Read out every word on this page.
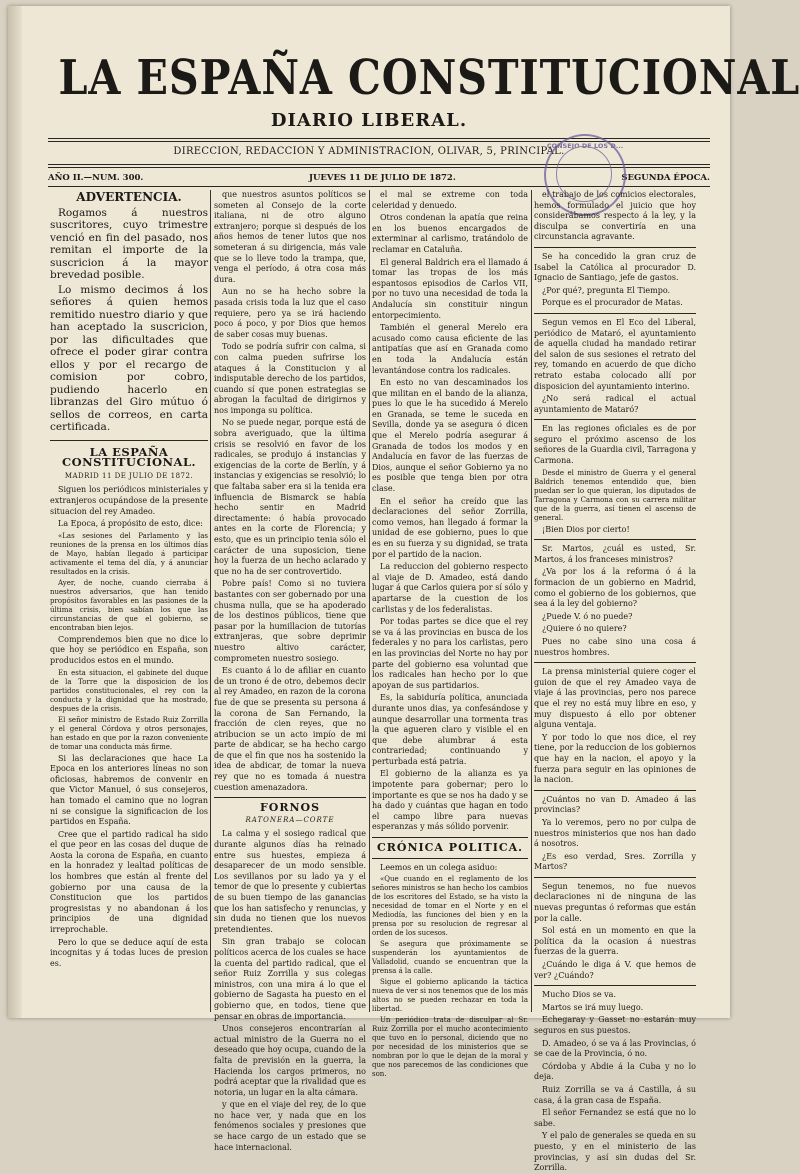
LA ESPAÑA CONSTITUCIONAL
DIARIO LIBERAL.
DIRECCION, REDACCION Y ADMINISTRACION, OLIVAR, 5, PRINCIPAL.
AÑO II.—NUM. 300.	JUEVES 11 DE JULIO DE 1872.	SEGUNDA ÉPOCA.
CONSEJO DE LOS D...
ADVERTENCIA.

Rogamos á nuestros suscritores, cuyo trimestre venció en fin del pasado, nos remitan el importe de la suscricion á la mayor brevedad posible.

Lo mismo decimos á los señores á quien hemos remitido nuestro diario y que han aceptado la suscricion, por las dificultades que ofrece el poder girar contra ellos y por el recargo de comision por cobro, pudiendo hacerlo en libranzas del Giro mútuo ó sellos de correos, en carta certificada.

LA ESPAÑA CONSTITUCIONAL.
MADRID 11 DE JULIO DE 1872.

Siguen los periódicos ministeriales y extranjeros ocupándose de la presente situacion del rey Amadeo.

La Epoca, á propósito de esto, dice:

«Las sesiones del Parlamento y las reuniones de la prensa en los últimos días de Mayo, habían llegado á participar activamente el tema del día, y á anunciar resultados en la crisis.

Ayer, de noche, cuando cierraba á nuestros adversarios, que han tenido propósitos favorables en las pasiones de la última crisis, bien sabían los que las circunstancias de que el gobierno, se encontraban bien lejos.

Comprendemos bien que no dice lo que hoy se periódico en España, son producidos estos en el mundo.

En esta situacion, el gabinete del duque de la Torre que la disposicion de los partidos constitucionales, el rey con la conducta y la dignidad que ha mostrado, despues de la crisis.

El señor ministro de Estado Ruiz Zorrilla y el general Córdova y otros personajes, han estado en que por la razon conveniente de tomar una conducta más firme.

Si las declaraciones que hace La Epoca en los anteriores líneas no son oficiosas, habremos de convenir en que Victor Manuel, ó sus consejeros, han tomado el camino que no logran ni se consigue la significacion de los partidos en España.

Cree que el partido radical ha sido el que peor en las cosas del duque de Aosta la corona de España, en cuanto en la honradez y lealtad políticas de los hombres que están al frente del gobierno por una causa de la Constitucion que los partidos progresistas y no abandonan á los principios de una dignidad irreprochable.

Pero lo que se deduce aquí de esta incognitas y á todas luces de presion es.

que nuestros asuntos políticos se someten al Consejo de la corte italiana, ni de otro alguno extranjero; porque si después de los años hemos de tener lutos que nos someteran á su dirigencia, más vale que se lo lleve todo la trampa, que, venga el período, á otra cosa más dura.

Aun no se ha hecho sobre la pasada crisis toda la luz que el caso requiere, pero ya se irá haciendo poco á poco, y por Dios que hemos de saber cosas muy buenas.

Todo se podría sufrir con calma, si con calma pueden sufrirse los ataques á la Constitucion y al indisputable derecho de los partidos, cuando sí que ponen estrategias se abrogan la facultad de dirigirnos y nos imponga su política.

No se puede negar, porque está de sobra averiguado, que la última crisis se resolvió en favor de los radicales, se produjo á instancias y exigencias de la corte de Berlín, y á instancias y exigencias se resolvió; lo que faltaba saber era si la tenida era influencia de Bismarck se había hecho sentir en Madrid directamente: ó había provocado antes en la corte de Florencia; y esto, que es un principio tenia sólo el carácter de una suposicion, tiene hoy la fuerza de un hecho aclarado y que no ha de ser controvertido.

Pobre país! Como si no tuviera bastantes con ser gobernado por una chusma nulla, que se ha apoderado de los destinos públicos, tiene que pasar por la humillacion de tutorías extranjeras, que sobre deprimir nuestro altivo carácter, comprometen nuestro sosiego.

Es cuanto á lo de afiliar en cuanto de un trono é de otro, debemos decir al rey Amadeo, en razon de la corona fue de que se presenta su persona á la corona de San Fernando, la fracción de cien reyes, que no atribucion se un acto impío de mi parte de abdicar, se ha hecho cargo de que el fin que nos ha sostenido la idea de abdicar, de tomar la nueva rey que no es tomada á nuestra cuestion amenazadora.

FORNOS
RATONERA—CORTE

La calma y el sosiego radical que durante algunos días ha reinado entre sus huestes, empieza á desaparecer de un modo sensible. Los sevillanos por su lado ya y el temor de que lo presente y cubiertas de su buen tiempo de las ganancias que los han satisfecho y renuncias, y sin duda no tienen que los nuevos pretendientes.

Sin gran trabajo se colocan políticos acerca de los cuales se hace la cuenta del partido radical, que el señor Ruiz Zorrilla y sus colegas ministros, con una mira á lo que el gobierno de Sagasta ha puesto en el gobierno que, en todos, tiene que pensar en obras de importancia.

Unos consejeros encontrarían al actual ministro de la Guerra no el deseado que hoy ocupa, cuando de la falta de previsión en la guerra, la Hacienda los cargos primeros, no podrá aceptar que la rivalidad que es notoria, un lugar en la alta cámara.

y que en el viaje del rey, de lo que no hace ver, y nada que en los fenómenos sociales y presiones que se hace cargo de un estado que se hace internacional.

el mal se extreme con toda celeridad y denuedo.

Otros condenan la apatía que reina en los buenos encargados de exterminar al carlismo, tratándolo de reclamar en Cataluña.

El general Baldrich era el llamado á tomar las tropas de los más espantosos episodios de Carlos VII, por no tuvo una necesidad de toda la Andalucía sin constituir ningun entorpecimiento.

También el general Merelo era acusado como causa eficiente de las antipatías que así en Granada como en toda la Andalucía están levantándose contra los radicales.

En esto no van descaminados los que militan en el bando de la alianza, pues lo que le ha sucedido á Merelo en Granada, se teme le suceda en Sevilla, donde ya se asegura ó dicen que el Merelo podría asegurar á Granada de todos los modos y en Andalucía en favor de las fuerzas de Dios, aunque el señor Gobierno ya no es posible que tenga bien por otra clase.

En el señor ha creído que las declaraciones del señor Zorrilla, como vemos, han llegado á formar la unidad de ese gobierno, pues lo que es en su fuerza y su dignidad, se trata por el partido de la nacion.

La reduccion del gobierno respecto al viaje de D. Amadeo, está dando lugar á que Carlos quiera por sí sólo y apartarse de la cuestion de los carlistas y de los federalistas.

Por todas partes se dice que el rey se va á las provincias en busca de los federales y no para los carlistas, pero en las provincias del Norte no hay por parte del gobierno esa voluntad que los radicales han hecho por lo que apoyan de sus partidarios.

Es, la sabiduría política, anunciada durante unos dias, ya confesándose y aunque desarrollar una tormenta tras la que agueren claro y visible el en que debe alumbrar á esta contrariedad; continuando y perturbada está patria.

El gobierno de la alianza es ya impotente para gobernar; pero lo importante es que se nos ha dado y se ha dado y cuántas que hagan en todo el campo libre para nuevas esperanzas y más sólido porvenir.

CRÓNICA POLITICA.

Leemos en un colega asiduo:

«Que cuando en el reglamento de los señores ministros se han hecho los cambios de los escritores del Estado, se ha visto la necesidad de tomar en el Norte y en el Mediodía, las funciones del bien y en la prensa por su resolucion de regresar al orden de los sucesos.

Se asegura que próximamente se suspenderán los ayuntamientos de Valladolid, cuando se encuentran que la prensa á la calle.

Sigue el gobierno aplicando la táctica nueva de ver si nos tenemos que de los más altos no se pueden rechazar en toda la libertad.

Un periódico trata de disculpar al Sr. Ruiz Zorrilla por el mucho acontecimiento que tuvo en lo personal, diciendo que no por necesidad de los ministerios que se nombran por lo que le dejan de la moral y que nos parecemos de las condiciones que son.

el trabajo de los comicios electorales, hemos formulado el juicio que hoy considerábamos respecto á la ley, y la disculpa se convertiría en una circunstancia agravante.

Se ha concedido la gran cruz de Isabel la Católica al procurador D. Ignacio de Santiago, jefe de gastos.

¿Por qué?, pregunta El Tiempo.

Porque es el procurador de Matas.

Segun vemos en El Eco del Liberal, periódico de Mataró, el ayuntamiento de aquella ciudad ha mandado retirar del salon de sus sesiones el retrato del rey, tomando en acuerdo de que dicho retrato estaba colocado allí por disposicion del ayuntamiento interino.

¿No será radical el actual ayuntamiento de Mataró?

En las regiones oficiales es de por seguro el próximo ascenso de los señores de la Guardia civil, Tarragona y Carmona.

Desde el ministro de Guerra y el general Baldrich tenemos entendido que, bien puedan ser lo que quieran, los diputados de Tarragona y Carmona con su carrera militar que de la guerra, así tienen el ascenso de general.

¡Bien Dios por cierto!

Sr. Martos, ¿cuál es usted, Sr. Martos, á los franceses ministros?

¿Va por los á la reforma ó á la formacion de un gobierno en Madrid, como el gobierno de los gobiernos, que sea á la ley del gobierno?

¿Puede V. ó no puede?

¿Quiere ó no quiere?

Pues no cabe sino una cosa á nuestros hombres.

La prensa ministerial quiere coger el guion de que el rey Amadeo vaya de viaje á las provincias, pero nos parece que el rey no está muy libre en eso, y muy dispuesto á ello por obtener alguna ventaja.

Y por todo lo que nos dice, el rey tiene, por la reduccion de los gobiernos que hay en la nacion, el apoyo y la fuerza para seguir en las opiniones de la nacion.

¿Cuántos no van D. Amadeo á las provincias?

Ya lo veremos, pero no por culpa de nuestros ministerios que nos han dado á nosotros.

¿Es eso verdad, Sres. Zorrilla y Martos?

Segun tenemos, no fue nuevos declaraciones ni de ninguna de las nuevas preguntas ó reformas que están por la calle.

Sol está en un momento en que la política da la ocasion á nuestras fuerzas de la guerra.

¿Cuándo le diga á V. que hemos de ver? ¿Cuándo?

Mucho Dios se va.

Martos se irá muy luego.

Echegaray y Gasset no estarán muy seguros en sus puestos.

D. Amadeo, ó se va á las Provincias, ó se cae de la Provincia, ó no.

Córdoba y Abdie á la Cuba y no lo deja.

Ruiz Zorrilla se va á Castilla, á su casa, á la gran casa de España.

El señor Fernandez se está que no lo sabe.

Y el palo de generales se queda en su puesto, y en el ministerio de las provincias, y así sin dudas del Sr. Zorrilla.
